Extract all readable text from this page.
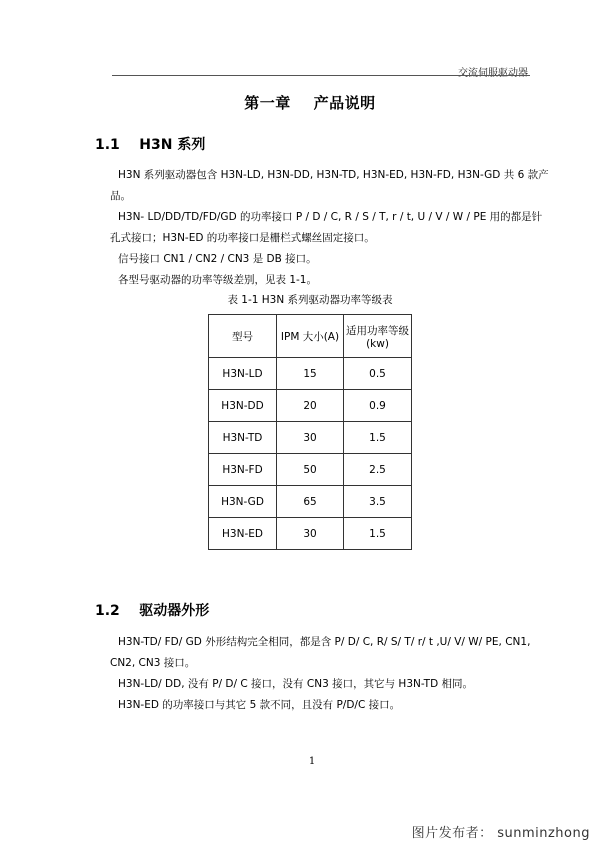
交流伺服驱动器
第一章    产品说明
1.1    H3N 系列

H3N 系列驱动器包含 H3N-LD, H3N-DD, H3N-TD, H3N-ED, H3N-FD, H3N-GD 共 6 款产品。

H3N- LD/DD/TD/FD/GD 的功率接口 P / D / C, R / S / T, r / t, U / V / W / PE 用的都是针孔式接口；H3N-ED 的功率接口是栅栏式螺丝固定接口。

信号接口 CN1 / CN2 / CN3 是 DB 接口。

各型号驱动器的功率等级差别，见表 1-1。

表 1-1 H3N 系列驱动器功率等级表
型号	IPM 大小(A)	适用功率等级(kw)
H3N-LD	15	0.5
H3N-DD	20	0.9
H3N-TD	30	1.5
H3N-FD	50	2.5
H3N-GD	65	3.5
H3N-ED	30	1.5
1.2    驱动器外形

H3N-TD/ FD/ GD 外形结构完全相同，都是含 P/ D/ C, R/ S/ T/ r/ t ,U/ V/ W/ PE, CN1, CN2, CN3 接口。

H3N-LD/ DD, 没有 P/ D/ C 接口，没有 CN3 接口，其它与 H3N-TD 相同。

H3N-ED 的功率接口与其它 5 款不同，且没有 P/D/C 接口。

1
图片发布者： sunminzhong
